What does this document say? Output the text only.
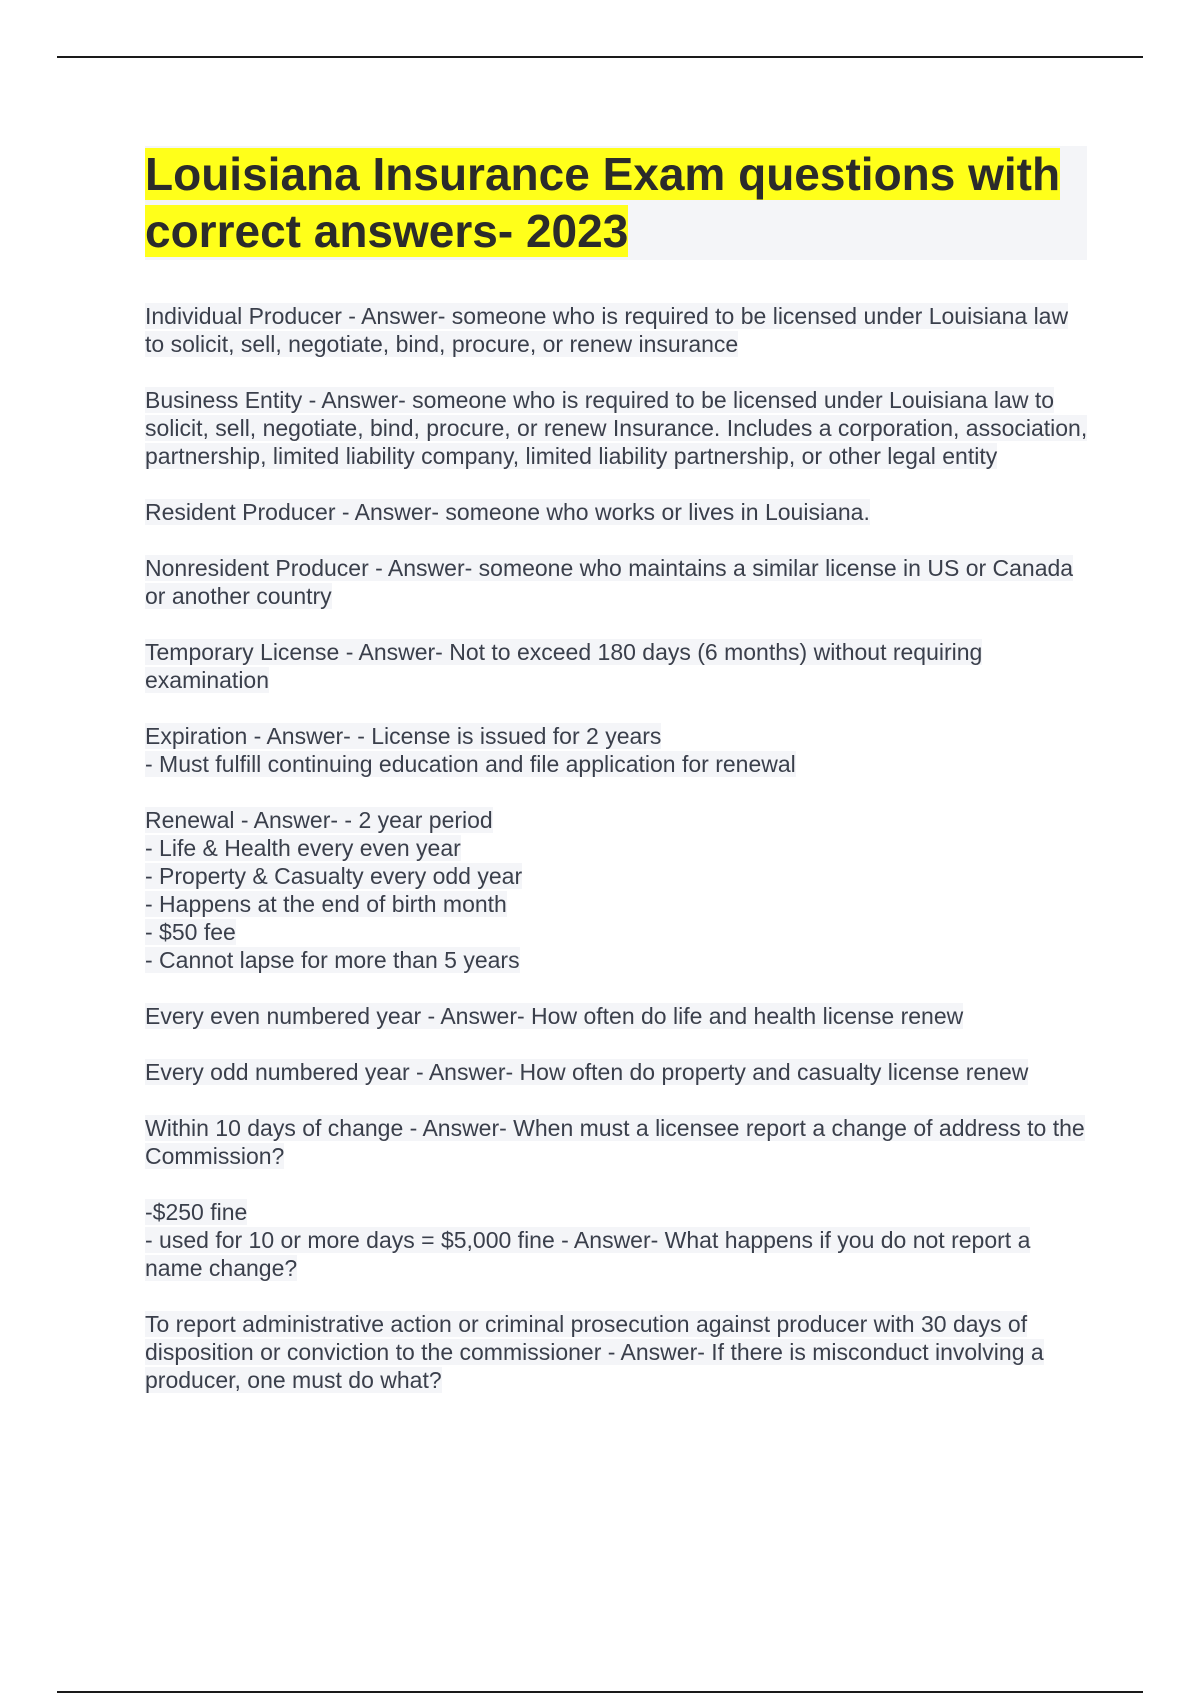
Louisiana Insurance Exam questions with correct answers- 2023

Individual Producer - Answer- someone who is required to be licensed under Louisiana law to solicit, sell, negotiate, bind, procure, or renew insurance

Business Entity - Answer- someone who is required to be licensed under Louisiana law to solicit, sell, negotiate, bind, procure, or renew Insurance. Includes a corporation, association, partnership, limited liability company, limited liability partnership, or other legal entity

Resident Producer - Answer- someone who works or lives in Louisiana.

Nonresident Producer - Answer- someone who maintains a similar license in US or Canada or another country

Temporary License - Answer- Not to exceed 180 days (6 months) without requiring examination

Expiration - Answer- - License is issued for 2 years
- Must fulfill continuing education and file application for renewal

Renewal - Answer- - 2 year period
- Life & Health every even year
- Property & Casualty every odd year
- Happens at the end of birth month
- $50 fee
- Cannot lapse for more than 5 years

Every even numbered year - Answer- How often do life and health license renew

Every odd numbered year - Answer- How often do property and casualty license renew

Within 10 days of change - Answer- When must a licensee report a change of address to the Commission?

-$250 fine
- used for 10 or more days = $5,000 fine - Answer- What happens if you do not report a name change?

To report administrative action or criminal prosecution against producer with 30 days of disposition or conviction to the commissioner - Answer- If there is misconduct involving a producer, one must do what?
